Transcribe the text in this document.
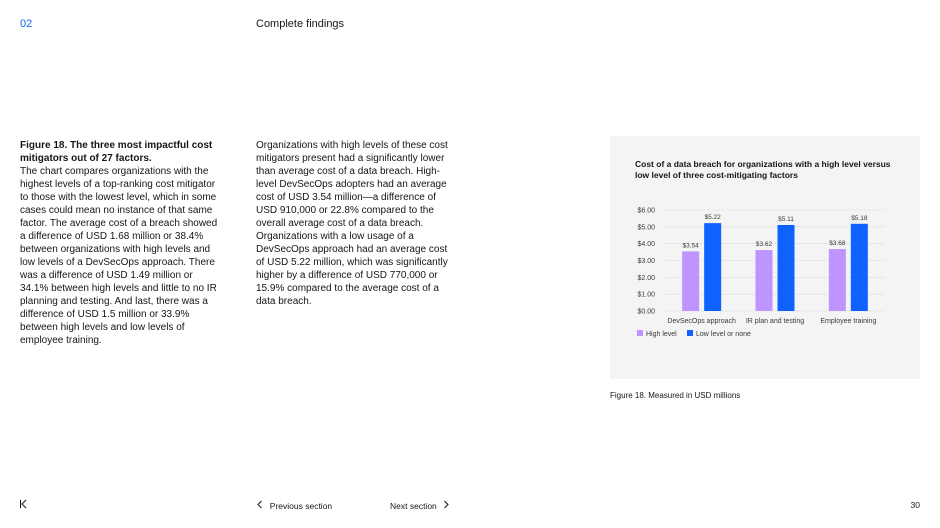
02	Complete findings
Figure 18. The three most impactful cost mitigators out of 27 factors.
The chart compares organizations with the highest levels of a top-ranking cost mitigator to those with the lowest level, which in some cases could mean no instance of that same factor. The average cost of a breach showed a difference of USD 1.68 million or 38.4% between organizations with high levels and low levels of a DevSecOps approach. There was a difference of USD 1.49 million or 34.1% between high levels and little to no IR planning and testing. And last, there was a difference of USD 1.5 million or 33.9% between high levels and low levels of employee training.
Organizations with high levels of these cost mitigators present had a significantly lower than average cost of a data breach. High-level DevSecOps adopters had an average cost of USD 3.54 million—a difference of USD 910,000 or 22.8% compared to the overall average cost of a data breach. Organizations with a low usage of a DevSecOps approach had an average cost of USD 5.22 million, which was significantly higher by a difference of USD 770,000 or 15.9% compared to the average cost of a data breach.
Cost of a data breach for organizations with a high level versus low level of three cost-mitigating factors
$0.00
$1.00
$2.00
$3.00
$4.00
$5.00
$6.00
$3.54
$5.22
DevSecOps approach
$3.62
$5.11
IR plan and testing
$3.68
$5.18
Employee training
High level	Low level or none
Figure 18. Measured in USD millions
Previous section	Next section	30
